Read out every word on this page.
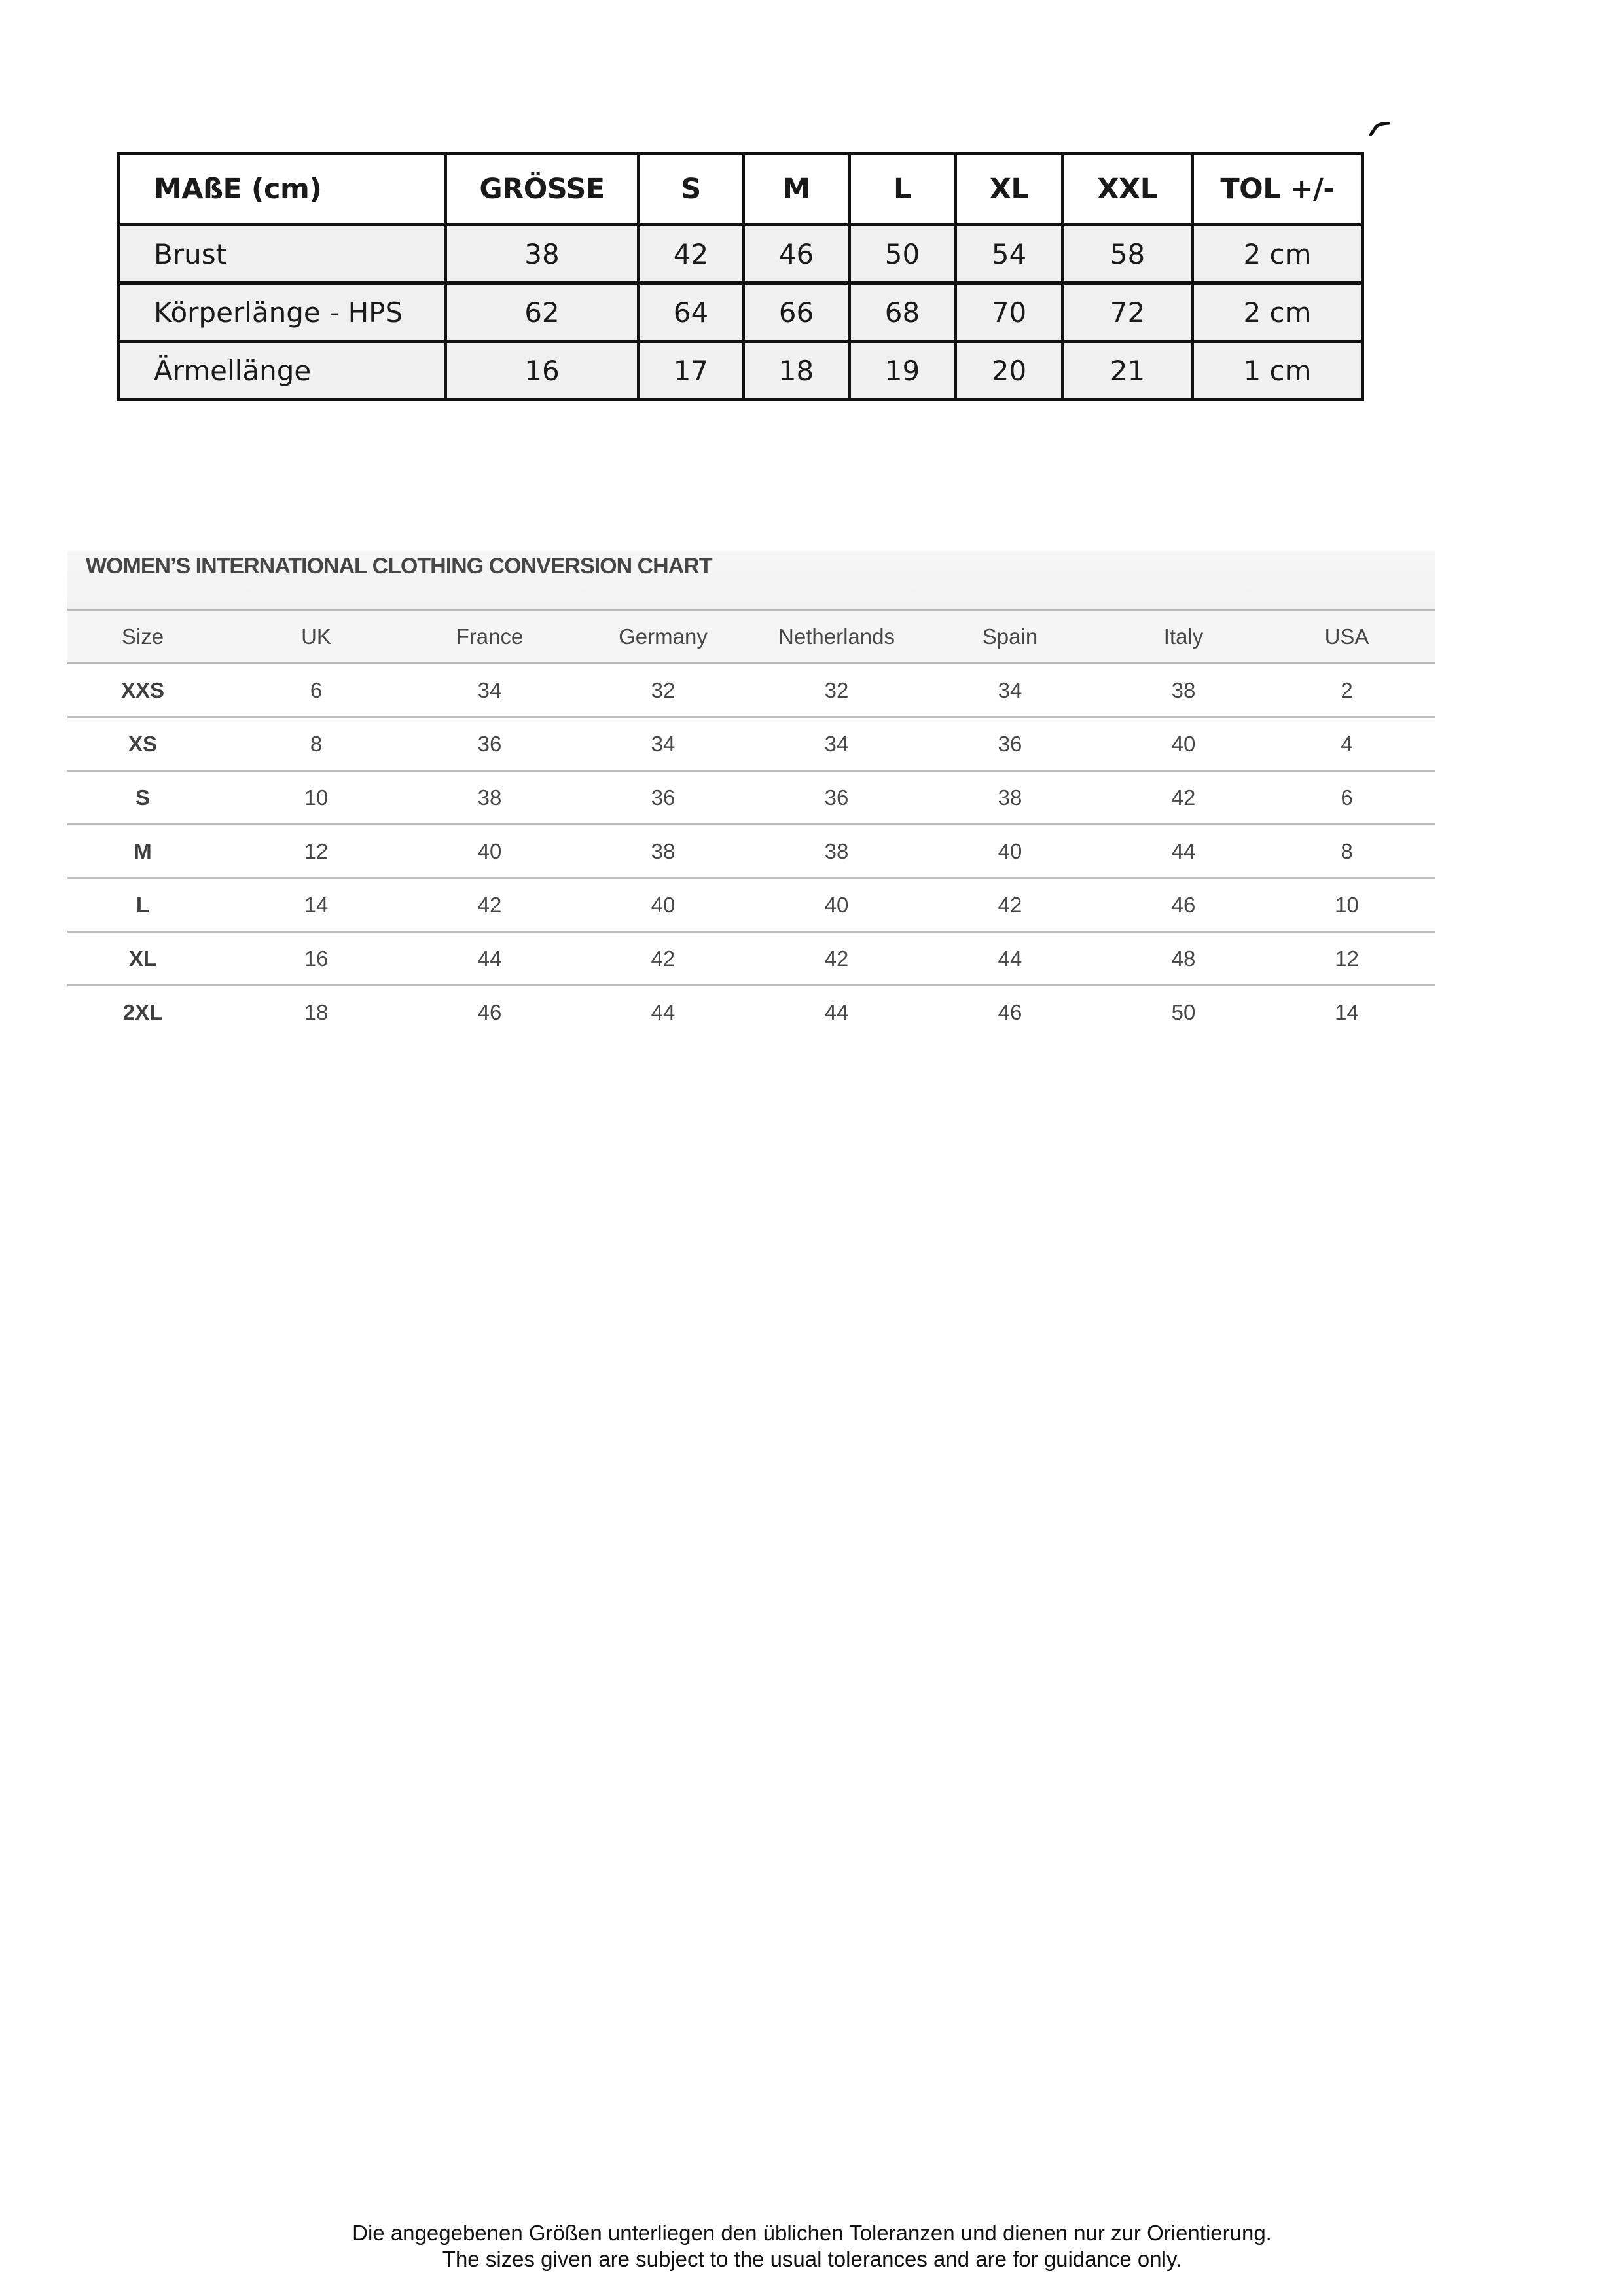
MAßE (cm)	GRÖSSE	S	M	L	XL	XXL	TOL +/-
Brust	38	42	46	50	54	58	2 cm
Körperlänge - HPS	62	64	66	68	70	72	2 cm
Ärmellänge	16	17	18	19	20	21	1 cm
WOMEN’S INTERNATIONAL CLOTHING CONVERSION CHART
Size	UK	France	Germany	Netherlands	Spain	Italy	USA
XXS	6	34	32	32	34	38	2
XS	8	36	34	34	36	40	4
S	10	38	36	36	38	42	6
M	12	40	38	38	40	44	8
L	14	42	40	40	42	46	10
XL	16	44	42	42	44	48	12
2XL	18	46	44	44	46	50	14
Die angegebenen Größen unterliegen den üblichen Toleranzen und dienen nur zur Orientierung.
The sizes given are subject to the usual tolerances and are for guidance only.
